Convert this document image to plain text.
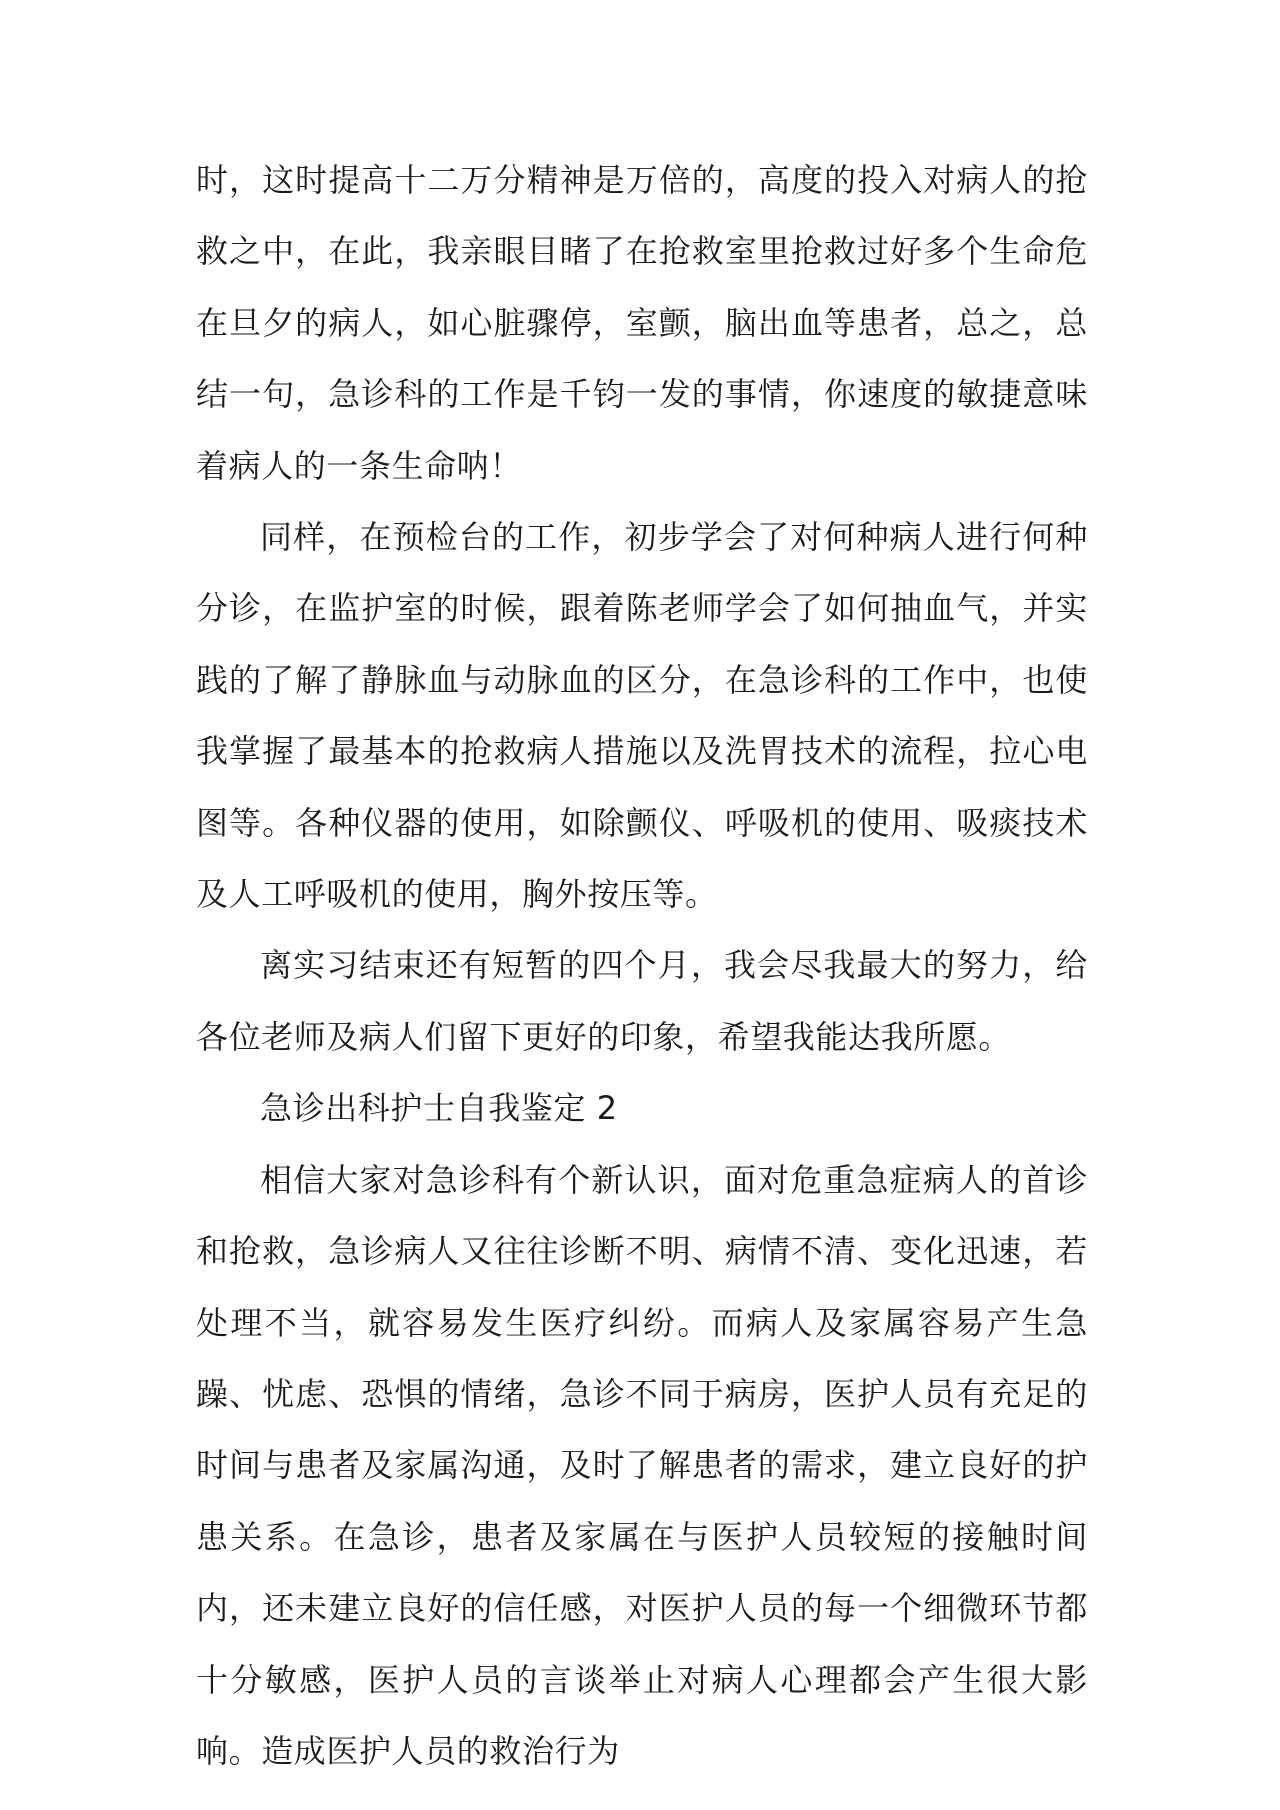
时，这时提高十二万分精神是万倍的，高度的投入对病人的抢救之中，在此，我亲眼目睹了在抢救室里抢救过好多个生命危在旦夕的病人，如心脏骤停，室颤，脑出血等患者，总之，总结一句，急诊科的工作是千钧一发的事情，你速度的敏捷意味着病人的一条生命呐！

同样，在预检台的工作，初步学会了对何种病人进行何种分诊，在监护室的时候，跟着陈老师学会了如何抽血气，并实践的了解了静脉血与动脉血的区分，在急诊科的工作中，也使我掌握了最基本的抢救病人措施以及洗胃技术的流程，拉心电图等。各种仪器的使用，如除颤仪、呼吸机的使用、吸痰技术及人工呼吸机的使用，胸外按压等。

离实习结束还有短暂的四个月，我会尽我最大的努力，给各位老师及病人们留下更好的印象，希望我能达我所愿。

急诊出科护士自我鉴定 2

相信大家对急诊科有个新认识，面对危重急症病人的首诊和抢救，急诊病人又往往诊断不明、病情不清、变化迅速，若处理不当，就容易发生医疗纠纷。而病人及家属容易产生急躁、忧虑、恐惧的情绪，急诊不同于病房，医护人员有充足的时间与患者及家属沟通，及时了解患者的需求，建立良好的护患关系。在急诊，患者及家属在与医护人员较短的接触时间内，还未建立良好的信任感，对医护人员的每一个细微环节都十分敏感，医护人员的言谈举止对病人心理都会产生很大影响。造成医护人员的救治行为
